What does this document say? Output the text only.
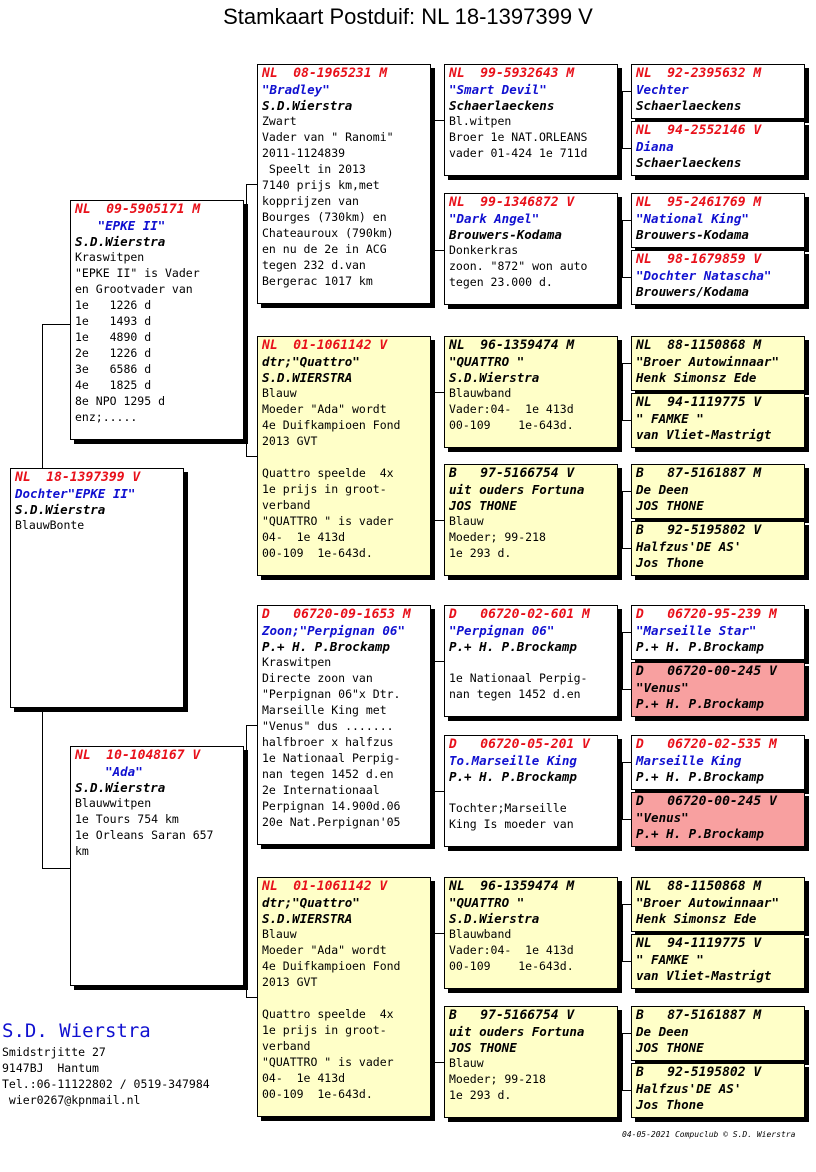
Stamkaart Postduif: NL 18-1397399 V
NL  18-1397399 V
Dochter"EPKE II"
S.D.Wierstra
BlauwBonte
NL  09-5905171 M
"EPKE II"
S.D.Wierstra
Kraswitpen
"EPKE II" is Vader
en Grootvader van
1e   1226 d
1e   1493 d
1e   4890 d
2e   1226 d
3e   6586 d
4e   1825 d
8e NPO 1295 d
enz;.....
NL  10-1048167 V
"Ada"
S.D.Wierstra
Blauwwitpen
1e Tours 754 km
1e Orleans Saran 657
km
NL  08-1965231 M
"Bradley"
S.D.Wierstra
Zwart
Vader van " Ranomi"
2011-1124839
Speelt in 2013
7140 prijs km,met
kopprijzen van
Bourges (730km) en
Chateauroux (790km)
en nu de 2e in ACG
tegen 232 d.van
Bergerac 1017 km
NL  01-1061142 V
dtr;"Quattro"
S.D.WIERSTRA
Blauw
Moeder "Ada" wordt
4e Duifkampioen Fond
2013 GVT

Quattro speelde  4x
1e prijs in groot-
verband
"QUATTRO " is vader
04-  1e 413d
00-109  1e-643d.
D   06720-09-1653 M
Zoon;"Perpignan 06"
P.+ H. P.Brockamp
Kraswitpen
Directe zoon van
"Perpignan 06"x Dtr.
Marseille King met
"Venus" dus .......
halfbroer x halfzus
1e Nationaal Perpig-
nan tegen 1452 d.en
2e Internationaal
Perpignan 14.900d.06
20e Nat.Perpignan'05
NL  01-1061142 V
dtr;"Quattro"
S.D.WIERSTRA
Blauw
Moeder "Ada" wordt
4e Duifkampioen Fond
2013 GVT

Quattro speelde  4x
1e prijs in groot-
verband
"QUATTRO " is vader
04-  1e 413d
00-109  1e-643d.
NL  99-5932643 M
"Smart Devil"
Schaerlaeckens
Bl.witpen
Broer 1e NAT.ORLEANS
vader 01-424 1e 711d
NL  99-1346872 V
"Dark Angel"
Brouwers-Kodama
Donkerkras
zoon. "872" won auto
tegen 23.000 d.
NL  96-1359474 M
"QUATTRO "
S.D.Wierstra
Blauwband
Vader:04-  1e 413d
00-109    1e-643d.
B   97-5166754 V
uit ouders Fortuna
JOS THONE
Blauw
Moeder; 99-218
1e 293 d.
D   06720-02-601 M
"Perpignan 06"
P.+ H. P.Brockamp

1e Nationaal Perpig-
nan tegen 1452 d.en
D   06720-05-201 V
To.Marseille King
P.+ H. P.Brockamp

Tochter;Marseille
King Is moeder van
NL  96-1359474 M
"QUATTRO "
S.D.Wierstra
Blauwband
Vader:04-  1e 413d
00-109    1e-643d.
B   97-5166754 V
uit ouders Fortuna
JOS THONE
Blauw
Moeder; 99-218
1e 293 d.
NL  92-2395632 M
Vechter
Schaerlaeckens
NL  94-2552146 V
Diana
Schaerlaeckens
NL  95-2461769 M
"National King"
Brouwers-Kodama
NL  98-1679859 V
"Dochter Natascha"
Brouwers/Kodama
NL  88-1150868 M
"Broer Autowinnaar"
Henk Simonsz Ede
NL  94-1119775 V
" FAMKE "
van Vliet-Mastrigt
B   87-5161887 M
De Deen
JOS THONE
B   92-5195802 V
Halfzus'DE AS'
Jos Thone
D   06720-95-239 M
"Marseille Star"
P.+ H. P.Brockamp
D   06720-00-245 V
"Venus"
P.+ H. P.Brockamp
D   06720-02-535 M
Marseille King
P.+ H. P.Brockamp
D   06720-00-245 V
"Venus"
P.+ H. P.Brockamp
NL  88-1150868 M
"Broer Autowinnaar"
Henk Simonsz Ede
NL  94-1119775 V
" FAMKE "
van Vliet-Mastrigt
B   87-5161887 M
De Deen
JOS THONE
B   92-5195802 V
Halfzus'DE AS'
Jos Thone
S.D. Wierstra
Smidstrjitte 27
9147BJ  Hantum
Tel.:06-11122802 / 0519-347984
wier0267@kpnmail.nl
04-05-2021 Compuclub © S.D. Wierstra
